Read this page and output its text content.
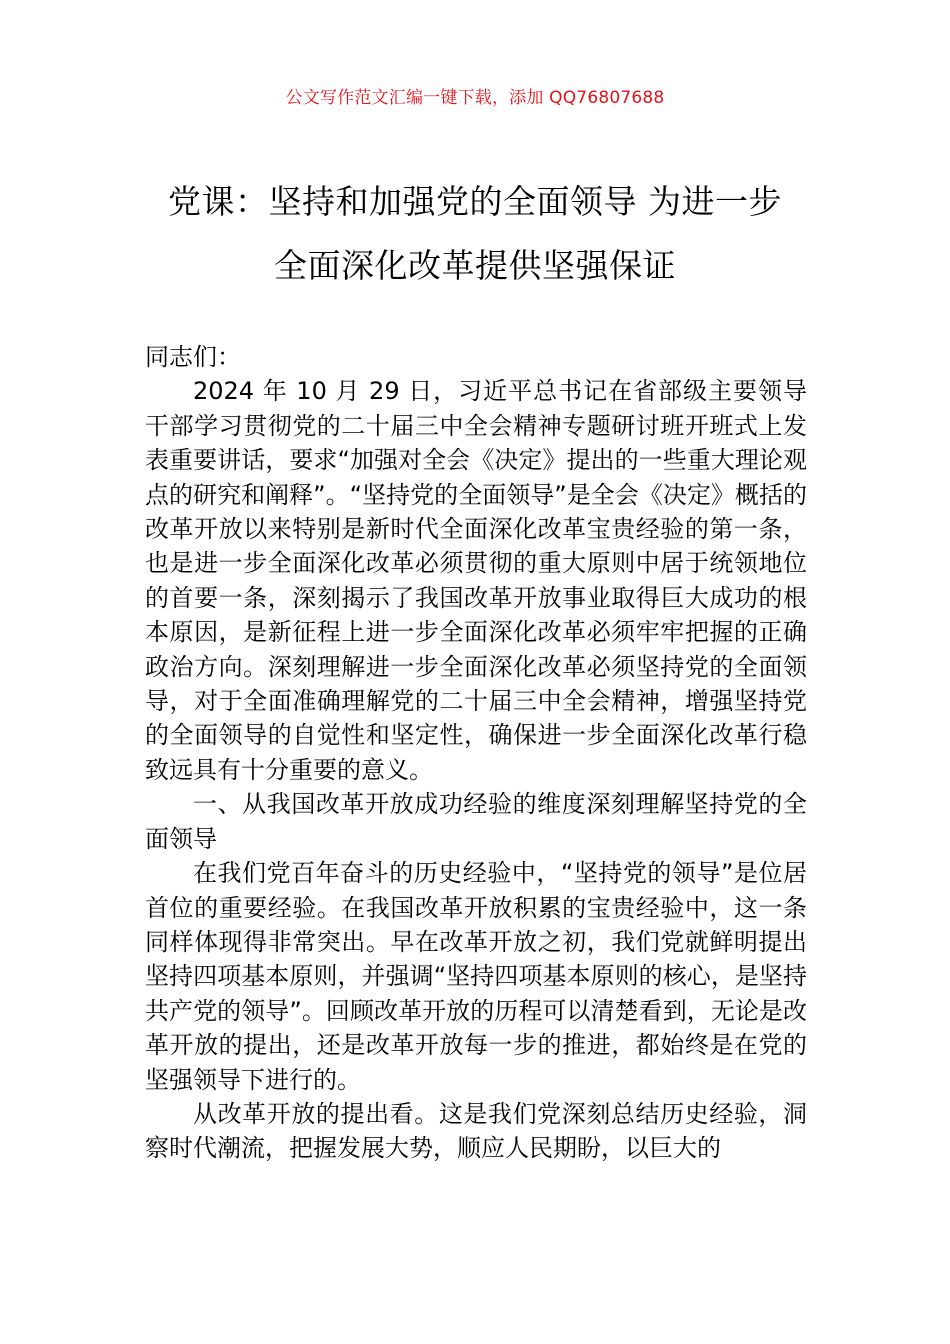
公文写作范文汇编一键下载，添加 QQ76807688
党课：坚持和加强党的全面领导 为进一步
全面深化改革提供坚强保证

同志们：

2024 年 10 月 29 日，习近平总书记在省部级主要领导干部学习贯彻党的二十届三中全会精神专题研讨班开班式上发表重要讲话，要求“加强对全会《决定》提出的一些重大理论观点的研究和阐释”。“坚持党的全面领导”是全会《决定》概括的改革开放以来特别是新时代全面深化改革宝贵经验的第一条，也是进一步全面深化改革必须贯彻的重大原则中居于统领地位的首要一条，深刻揭示了我国改革开放事业取得巨大成功的根本原因，是新征程上进一步全面深化改革必须牢牢把握的正确政治方向。深刻理解进一步全面深化改革必须坚持党的全面领导，对于全面准确理解党的二十届三中全会精神，增强坚持党的全面领导的自觉性和坚定性，确保进一步全面深化改革行稳致远具有十分重要的意义。

一、从我国改革开放成功经验的维度深刻理解坚持党的全面领导

在我们党百年奋斗的历史经验中，“坚持党的领导”是位居首位的重要经验。在我国改革开放积累的宝贵经验中，这一条同样体现得非常突出。早在改革开放之初，我们党就鲜明提出坚持四项基本原则，并强调“坚持四项基本原则的核心，是坚持共产党的领导”。回顾改革开放的历程可以清楚看到，无论是改革开放的提出，还是改革开放每一步的推进，都始终是在党的坚强领导下进行的。

从改革开放的提出看。这是我们党深刻总结历史经验，洞察时代潮流，把握发展大势，顺应人民期盼，以巨大的
